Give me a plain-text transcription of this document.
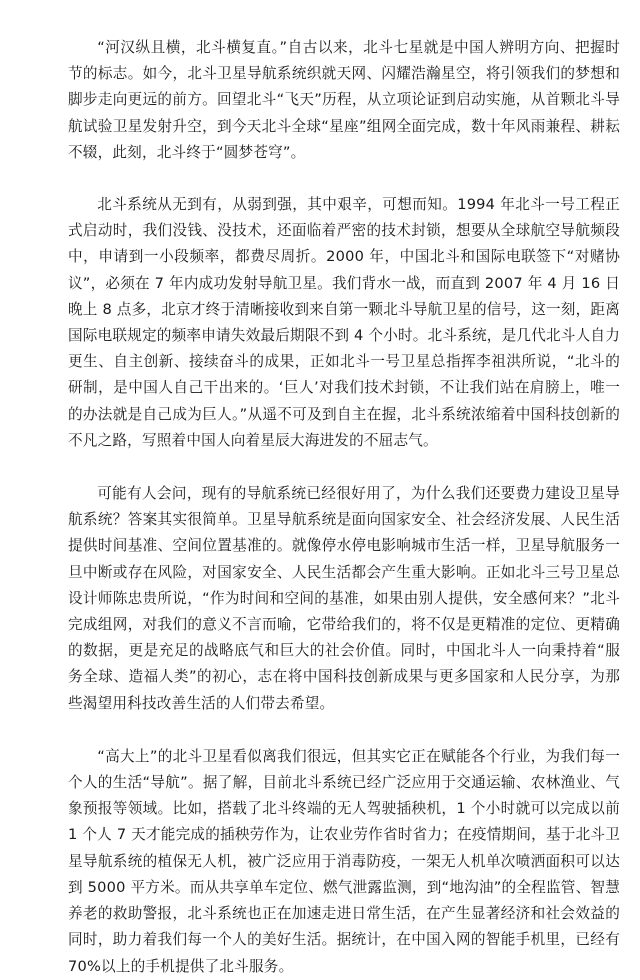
“河汉纵且横，北斗横复直。”自古以来，北斗七星就是中国人辨明方向、把握时节的标志。如今，北斗卫星导航系统织就天网、闪耀浩瀚星空，将引领我们的梦想和脚步走向更远的前方。回望北斗“飞天”历程，从立项论证到启动实施，从首颗北斗导航试验卫星发射升空，到今天北斗全球“星座”组网全面完成，数十年风雨兼程、耕耘不辍，此刻，北斗终于“圆梦苍穹”。

北斗系统从无到有，从弱到强，其中艰辛，可想而知。1994 年北斗一号工程正式启动时，我们没钱、没技术，还面临着严密的技术封锁，想要从全球航空导航频段中，申请到一小段频率，都费尽周折。2000 年，中国北斗和国际电联签下“对赌协议”，必须在 7 年内成功发射导航卫星。我们背水一战，而直到 2007 年 4 月 16 日晚上 8 点多，北京才终于清晰接收到来自第一颗北斗导航卫星的信号，这一刻，距离国际电联规定的频率申请失效最后期限不到 4 个小时。北斗系统，是几代北斗人自力更生、自主创新、接续奋斗的成果，正如北斗一号卫星总指挥李祖洪所说，“北斗的研制，是中国人自己干出来的。‘巨人’对我们技术封锁，不让我们站在肩膀上，唯一的办法就是自己成为巨人。”从遥不可及到自主在握，北斗系统浓缩着中国科技创新的不凡之路，写照着中国人向着星辰大海进发的不屈志气。

可能有人会问，现有的导航系统已经很好用了，为什么我们还要费力建设卫星导航系统？答案其实很简单。卫星导航系统是面向国家安全、社会经济发展、人民生活提供时间基准、空间位置基准的。就像停水停电影响城市生活一样，卫星导航服务一旦中断或存在风险，对国家安全、人民生活都会产生重大影响。正如北斗三号卫星总设计师陈忠贵所说，“作为时间和空间的基准，如果由别人提供，安全感何来？”北斗完成组网，对我们的意义不言而喻，它带给我们的，将不仅是更精准的定位、更精确的数据，更是充足的战略底气和巨大的社会价值。同时，中国北斗人一向秉持着“服务全球、造福人类”的初心，志在将中国科技创新成果与更多国家和人民分享，为那些渴望用科技改善生活的人们带去希望。

“高大上”的北斗卫星看似离我们很远，但其实它正在赋能各个行业，为我们每一个人的生活“导航”。据了解，目前北斗系统已经广泛应用于交通运输、农林渔业、气象预报等领域。比如，搭载了北斗终端的无人驾驶插秧机，1 个小时就可以完成以前 1 个人 7 天才能完成的插秧劳作为，让农业劳作省时省力；在疫情期间，基于北斗卫星导航系统的植保无人机，被广泛应用于消毒防疫，一架无人机单次喷洒面积可以达到 5000 平方米。而从共享单车定位、燃气泄露监测，到“地沟油”的全程监管、智慧养老的救助警报，北斗系统也正在加速走进日常生活，在产生显著经济和社会效益的同时，助力着我们每一个人的美好生活。据统计，在中国入网的智能手机里，已经有 70%以上的手机提供了北斗服务。
